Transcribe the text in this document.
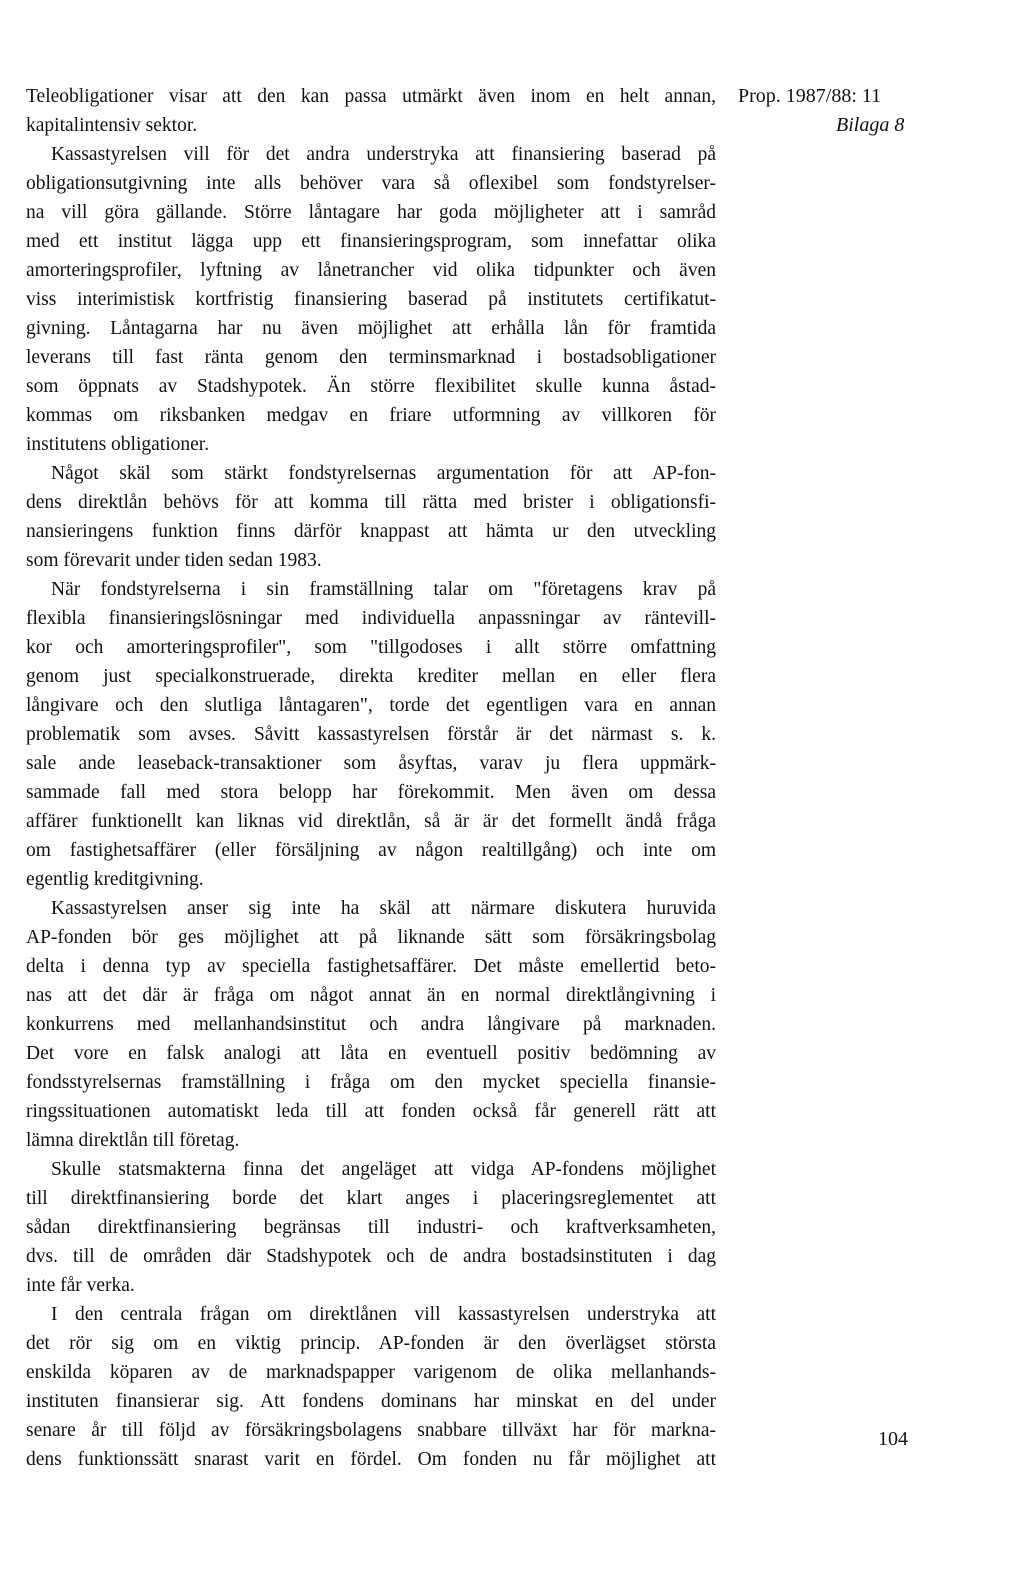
Prop. 1987/88: 11
Bilaga 8
Teleobligationer visar att den kan passa utmärkt även inom en helt annan,
kapitalintensiv sektor.
Kassastyrelsen vill för det andra understryka att finansiering baserad på
obligationsutgivning inte alls behöver vara så oflexibel som fondstyrelser-
na vill göra gällande. Större låntagare har goda möjligheter att i samråd
med ett institut lägga upp ett finansieringsprogram, som innefattar olika
amorteringsprofiler, lyftning av lånetrancher vid olika tidpunkter och även
viss interimistisk kortfristig finansiering baserad på institutets certifikatut-
givning. Låntagarna har nu även möjlighet att erhålla lån för framtida
leverans till fast ränta genom den terminsmarknad i bostadsobligationer
som öppnats av Stadshypotek. Än större flexibilitet skulle kunna åstad-
kommas om riksbanken medgav en friare utformning av villkoren för
institutens obligationer.
Något skäl som stärkt fondstyrelsernas argumentation för att AP-fon-
dens direktlån behövs för att komma till rätta med brister i obligationsfi-
nansieringens funktion finns därför knappast att hämta ur den utveckling
som förevarit under tiden sedan 1983.
När fondstyrelserna i sin framställning talar om "företagens krav på
flexibla finansieringslösningar med individuella anpassningar av räntevill-
kor och amorteringsprofiler", som "tillgodoses i allt större omfattning
genom just specialkonstruerade, direkta krediter mellan en eller flera
långivare och den slutliga låntagaren", torde det egentligen vara en annan
problematik som avses. Såvitt kassastyrelsen förstår är det närmast s. k.
sale ande leaseback-transaktioner som åsyftas, varav ju flera uppmärk-
sammade fall med stora belopp har förekommit. Men även om dessa
affärer funktionellt kan liknas vid direktlån, så är är det formellt ändå fråga
om fastighetsaffärer (eller försäljning av någon realtillgång) och inte om
egentlig kreditgivning.
Kassastyrelsen anser sig inte ha skäl att närmare diskutera huruvida
AP-fonden bör ges möjlighet att på liknande sätt som försäkringsbolag
delta i denna typ av speciella fastighetsaffärer. Det måste emellertid beto-
nas att det där är fråga om något annat än en normal direktlångivning i
konkurrens med mellanhandsinstitut och andra långivare på marknaden.
Det vore en falsk analogi att låta en eventuell positiv bedömning av
fondsstyrelsernas framställning i fråga om den mycket speciella finansie-
ringssituationen automatiskt leda till att fonden också får generell rätt att
lämna direktlån till företag.
Skulle statsmakterna finna det angeläget att vidga AP-fondens möjlighet
till direktfinansiering borde det klart anges i placeringsreglementet att
sådan direktfinansiering begränsas till industri- och kraftverksamheten,
dvs. till de områden där Stadshypotek och de andra bostadsinstituten i dag
inte får verka.
I den centrala frågan om direktlånen vill kassastyrelsen understryka att
det rör sig om en viktig princip. AP-fonden är den överlägset största
enskilda köparen av de marknadspapper varigenom de olika mellanhands-
instituten finansierar sig. Att fondens dominans har minskat en del under
senare år till följd av försäkringsbolagens snabbare tillväxt har för markna-
dens funktionssätt snarast varit en fördel. Om fonden nu får möjlighet att
104
